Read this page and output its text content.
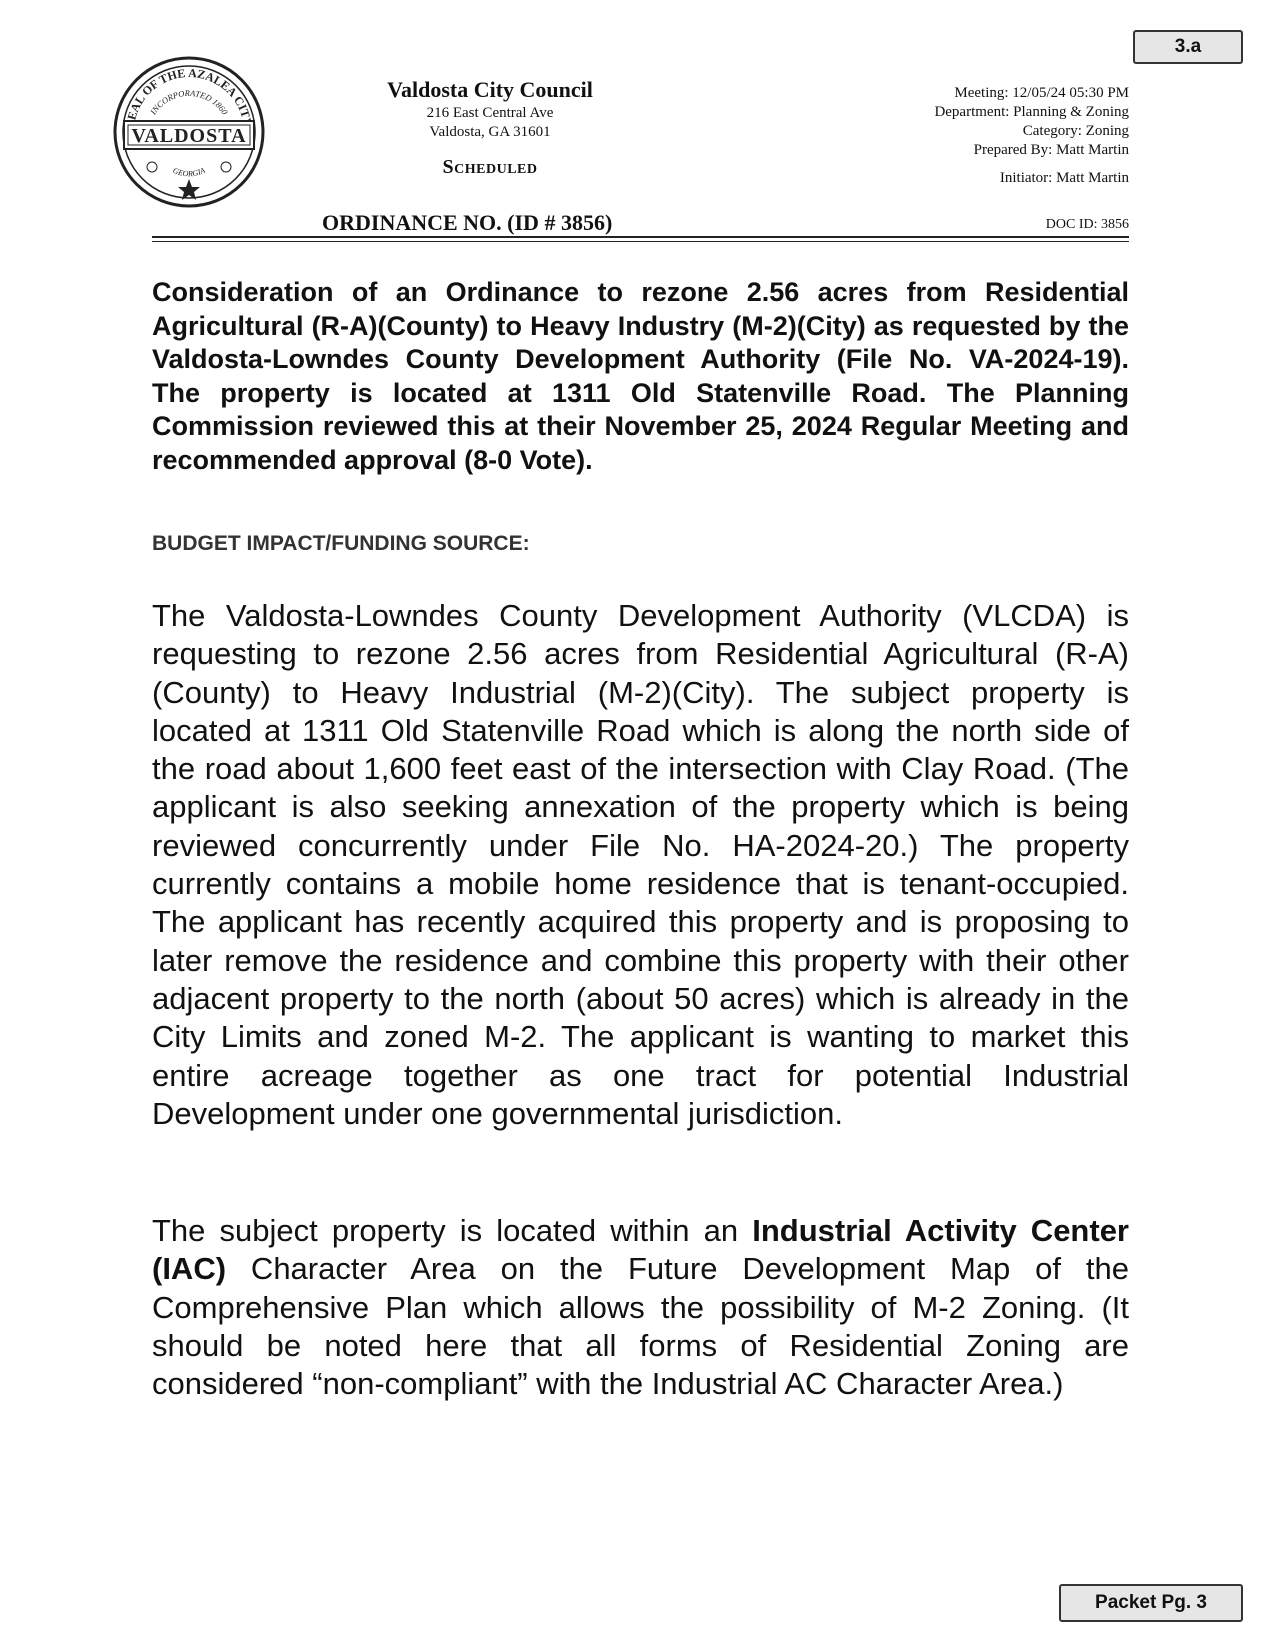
3.a
EAL OF THE AZALEA CIT
INCORPORATED 1860
VALDOSTA
GEORGIA
Valdosta City Council
216 East Central Ave
Valdosta, GA 31601
Scheduled
Meeting: 12/05/24 05:30 PM
Department: Planning & Zoning
Category: Zoning
Prepared By: Matt Martin
Initiator: Matt Martin
ORDINANCE NO. (ID # 3856)	DOC ID: 3856
Consideration of an Ordinance to rezone 2.56 acres from Residential Agricultural (R-A)(County) to Heavy Industry (M-2)(City) as requested by the Valdosta-Lowndes County Development Authority (File No. VA-2024-19). The property is located at 1311 Old Statenville Road. The Planning Commission reviewed this at their November 25, 2024 Regular Meeting and recommended approval (8-0 Vote).
BUDGET IMPACT/FUNDING SOURCE:
The Valdosta-Lowndes County Development Authority (VLCDA) is requesting to rezone 2.56 acres from Residential Agricultural (R-A)(County) to Heavy Industrial (M-2)(City). The subject property is located at 1311 Old Statenville Road which is along the north side of the road about 1,600 feet east of the intersection with Clay Road. (The applicant is also seeking annexation of the property which is being reviewed concurrently under File No. HA-2024-20.) The property currently contains a mobile home residence that is tenant-occupied. The applicant has recently acquired this property and is proposing to later remove the residence and combine this property with their other adjacent property to the north (about 50 acres) which is already in the City Limits and zoned M-2. The applicant is wanting to market this entire acreage together as one tract for potential Industrial Development under one governmental jurisdiction.
The subject property is located within an Industrial Activity Center (IAC) Character Area on the Future Development Map of the Comprehensive Plan which allows the possibility of M-2 Zoning. (It should be noted here that all forms of Residential Zoning are considered “non-compliant” with the Industrial AC Character Area.)
Packet Pg. 3
